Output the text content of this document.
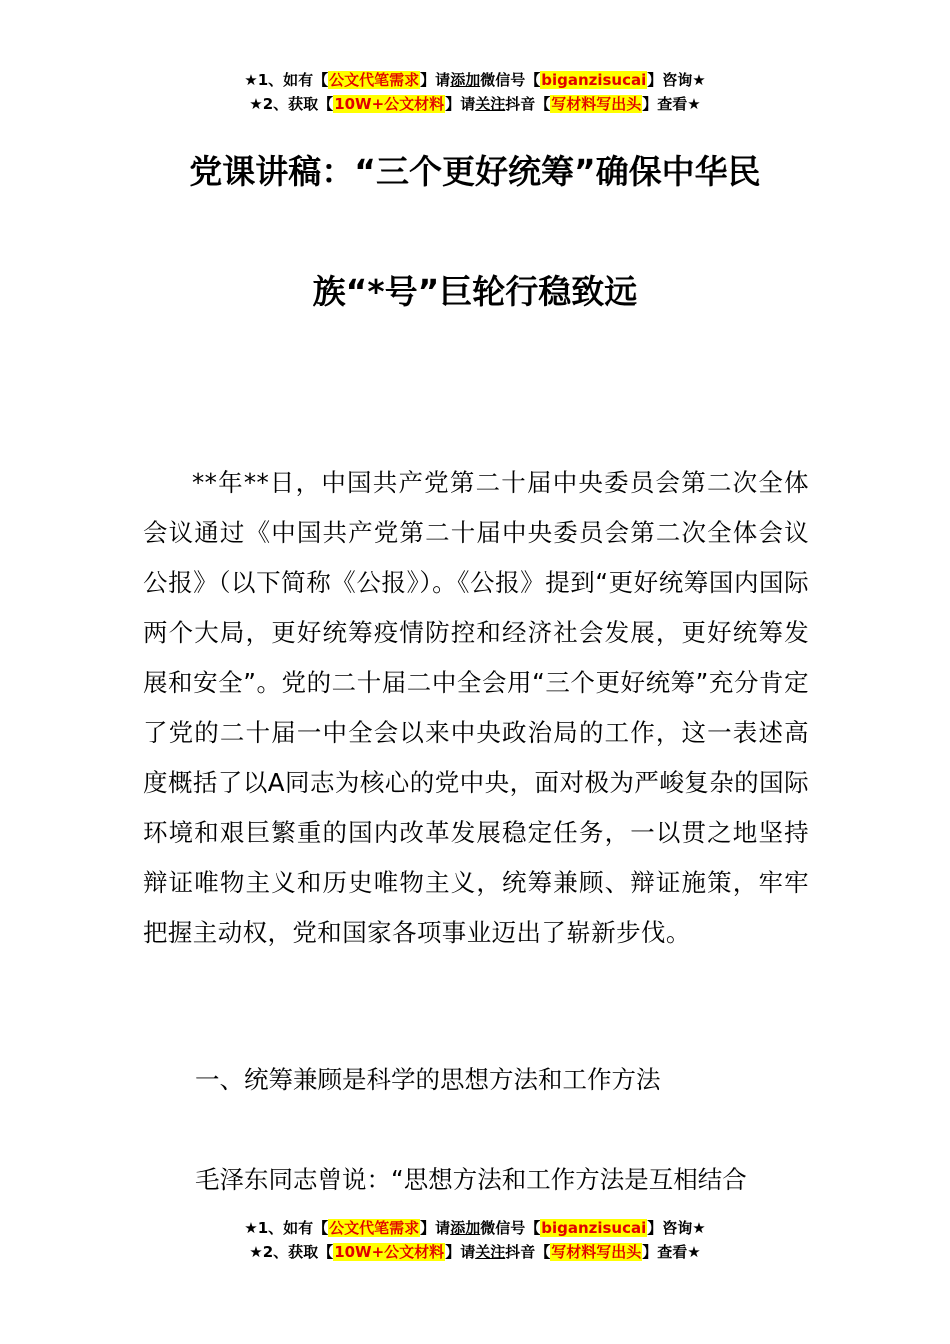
★1、如有【公文代笔需求】请添加微信号【biganzisucai】咨询★
★2、获取【10W+公文材料】请关注抖音【写材料写出头】查看★
党课讲稿：“三个更好统筹”确保中华民
族“*号”巨轮行稳致远
**年**日，中国共产党第二十届中央委员会第二次全体会议通过《中国共产党第二十届中央委员会第二次全体会议公报》（以下简称《公报》）。《公报》提到“更好统筹国内国际两个大局，更好统筹疫情防控和经济社会发展，更好统筹发展和安全”。党的二十届二中全会用“三个更好统筹”充分肯定了党的二十届一中全会以来中央政治局的工作，这一表述高度概括了以A同志为核心的党中央，面对极为严峻复杂的国际环境和艰巨繁重的国内改革发展稳定任务，一以贯之地坚持辩证唯物主义和历史唯物主义，统筹兼顾、辩证施策，牢牢把握主动权，党和国家各项事业迈出了崭新步伐。
一、统筹兼顾是科学的思想方法和工作方法
毛泽东同志曾说：“思想方法和工作方法是互相结合
★1、如有【公文代笔需求】请添加微信号【biganzisucai】咨询★
★2、获取【10W+公文材料】请关注抖音【写材料写出头】查看★
